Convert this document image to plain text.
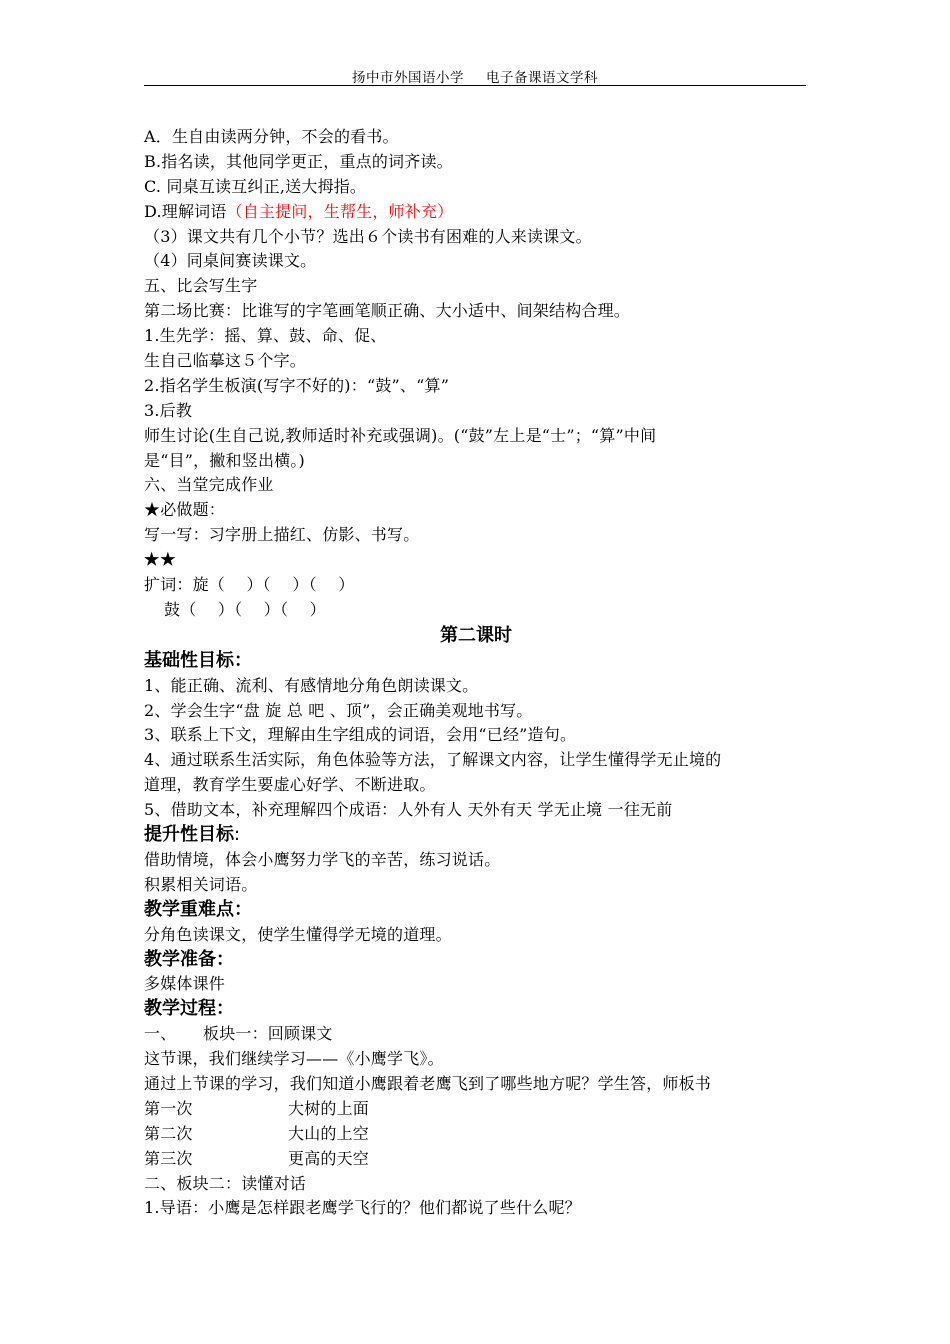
扬中市外国语小学 电子备课语文学科
A．生自由读两分钟，不会的看书。
B.指名读，其他同学更正，重点的词齐读。
C. 同桌互读互纠正,送大拇指。
D.理解词语（自主提问，生帮生，师补充）
（3）课文共有几个小节？选出６个读书有困难的人来读课文。
（4）同桌间赛读课文。
五、比会写生字
第二场比赛：比谁写的字笔画笔顺正确、大小适中、间架结构合理。
1.生先学：摇、算、鼓、命、促、
生自己临摹这５个字。
2.指名学生板演(写字不好的)：“鼓”、“算”
3.后教
师生讨论(生自己说,教师适时补充或强调)。(“鼓”左上是“士”；“算”中间
是“目”，撇和竖出横。)
六、当堂完成作业
★必做题：
写一写：习字册上描红、仿影、书写。
★★
扩词：旋（　 ）（　 ）（　 ）
鼓（　 ）（　 ）（　 ）
第二课时
基础性目标：
1、能正确、流利、有感情地分角色朗读课文。
2、学会生字“盘 旋 总 吧 、顶”，会正确美观地书写。
3、联系上下文，理解由生字组成的词语，会用“已经”造句。
4、通过联系生活实际，角色体验等方法，了解课文内容，让学生懂得学无止境的
道理，教育学生要虚心好学、不断进取。
5、借助文本，补充理解四个成语：人外有人 天外有天 学无止境 一往无前
提升性目标:
借助情境，体会小鹰努力学飞的辛苦，练习说话。
积累相关词语。
教学重难点：
分角色读课文，使学生懂得学无境的道理。
教学准备：
多媒体课件
教学过程：
一、 板块一：回顾课文
这节课，我们继续学习——《小鹰学飞》。
通过上节课的学习，我们知道小鹰跟着老鹰飞到了哪些地方呢？学生答，师板书
第一次	大树的上面
第二次	大山的上空
第三次	更高的天空
二、板块二：读懂对话
1.导语：小鹰是怎样跟老鹰学飞行的？他们都说了些什么呢？
